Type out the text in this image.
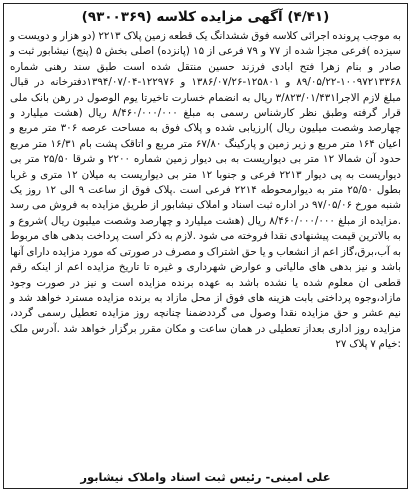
(۴/۴۱) آگهی مزایده کلاسه (۹۳۰۰۳۶۹)

به موجب پرونده اجرائی کلاسه فوق ششدانگ یک قطعه زمین پلاک ۲۲۱۳ (دو هزار و دویست و سیزده )فرعی مجزا شده از ۷۷ و ۷۹ فرعی از ۱۵ (پانزده) اصلی بخش ۵ (پنج) نیشابور ثبت و صادر و بنام زهرا فتح ابادی فرزند حسین منتقل شده است طبق سند رهنی شماره ۱۰۰۹۷۲۱۳۳۶۸-۸۹/۰۵/۲۲ و ۱۲۵۸۰۱-۱۳۸۶/۰۷/۲۶ و ۱۲۲۹۷۶-۱۳۹۴/۰۷/۰۴دفترخانه در قبال مبلغ لازم الاجرا۳/۸۲۳/۰۱/۴۳۱ ریال به انضمام خسارت تاخیرتا یوم الوصول در رهن بانک ملی قرار گرفته وطبق نظر کارشناس رسمی به مبلغ ۸/۴۶۰/۰۰۰/۰۰۰ ریال (هشت میلیارد و چهارصد وشصت میلیون ریال )ارزیابی شده و پلاک فوق به مساحت عرصه ۳۰۶ متر مربع و اعیان ۱۶۴ متر مربع و زیر زمین و پارکینگ ۶۷/۸۰ متر مربع و اتاقک پشت بام ۱۶/۳۱ متر مربع حدود آن شمالا ۱۲ متر بی دیواریست به بی دیوار زمین شماره ۲۲۰۰ و شرقا ۲۵/۵۰ متر بی دیواریست به پی دیوار ۲۲۱۳ فرعی و جنوبا ۱۲ متر بی دیواریست به میلان ۱۲ متری و غربا بطول ۲۵/۵۰ متر به دیوارمحوطه ۲۲۱۴ فرعی است .پلاک فوق از ساعت ۹ الی ۱۲ روز یک شنبه مورخ ۹۷/۰۵/۰۶ در اداره ثبت اسناد و املاک نیشابور از طریق مزایده به فروش می رسد .مزایده از مبلغ ۸/۴۶۰/۰۰۰/۰۰۰ ریال (هشت میلیارد و چهارصد وشصت میلیون ریال )شروع و به بالاترین قیمت پیشنهادی نقدا فروخته می شود .لازم به ذکر است پرداخت بدهی های مربوط به آب،برق،گاز اعم از انشعاب و یا حق اشتراک و مصرف در صورتی که مورد مزایده دارای آنها باشد و نیز بدهی های مالیاتی و عوارض شهرداری و غیره تا تاریخ مزایده اعم از اینکه رقم قطعی ان معلوم شده یا نشده باشد به عهده برنده مزایده است و نیز در صورت وجود مازاد،وجوه پرداختی بابت هزینه های فوق از محل مازاد به برنده مزایده مسترد خواهد شد و نیم عشر و حق مزایده نقدا وصول می گرددضمنا چنانچه روز مزایده تعطیل رسمی گردد، مزایده روز اداری بعداز تعطیلی در همان ساعت و مکان مقرر برگزار خواهد شد .آدرس ملک :خیام ۷ پلاک ۲۷

علی امینی- رئیس ثبت اسناد واملاک نیشابور
